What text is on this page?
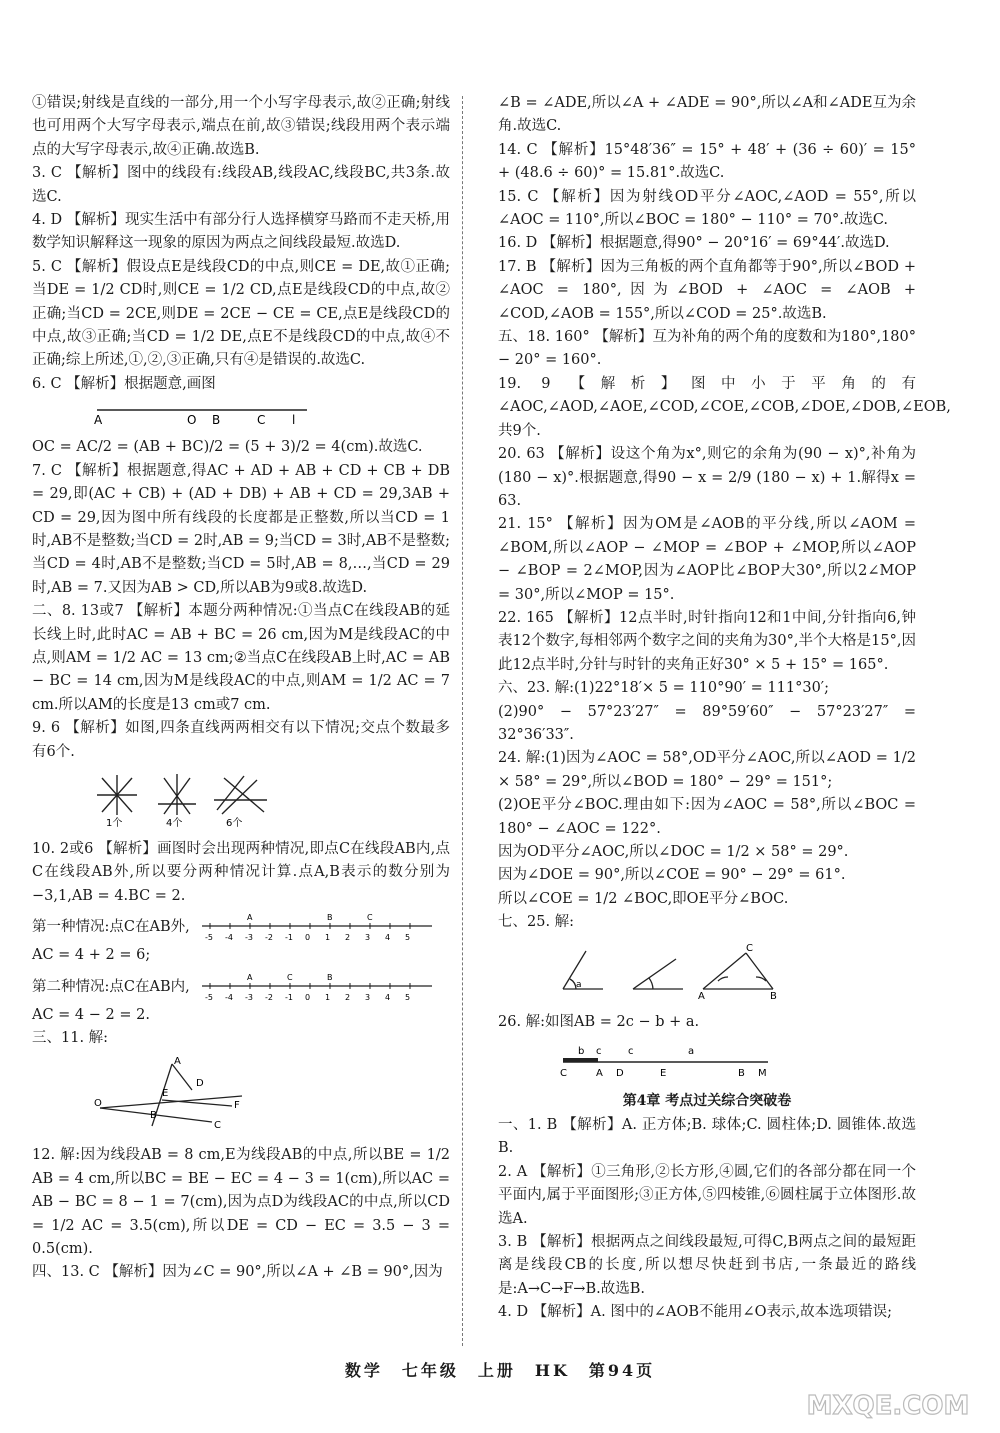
①错误;射线是直线的一部分,用一个小写字母表示,故②正确;射线也可用两个大写字母表示,端点在前,故③错误;线段用两个表示端点的大写字母表示,故④正确.故选B.

3. C 【解析】图中的线段有:线段AB,线段AC,线段BC,共3条.故选C.

4. D 【解析】现实生活中有部分行人选择横穿马路而不走天桥,用数学知识解释这一现象的原因为两点之间线段最短.故选D.

5. C 【解析】假设点E是线段CD的中点,则CE = DE,故①正确;当DE = 1/2 CD时,则CE = 1/2 CD,点E是线段CD的中点,故②正确;当CD = 2CE,则DE = 2CE − CE = CE,点E是线段CD的中点,故③正确;当CD = 1/2 DE,点E不是线段CD的中点,故④不正确;综上所述,①,②,③正确,只有④是错误的.故选C.

6. C 【解析】根据题意,画图

A	O B	C l

OC = AC/2 = (AB + BC)/2 = (5 + 3)/2 = 4(cm).故选C.

7. C 【解析】根据题意,得AC + AD + AB + CD + CB + DB = 29,即(AC + CB) + (AD + DB) + AB + CD = 29,3AB + CD = 29,因为图中所有线段的长度都是正整数,所以当CD = 1时,AB不是整数;当CD = 2时,AB = 9;当CD = 3时,AB不是整数;当CD = 4时,AB不是整数;当CD = 5时,AB = 8,…,当CD = 29时,AB = 7.又因为AB > CD,所以AB为9或8.故选D.

二、8. 13或7 【解析】本题分两种情况:①当点C在线段AB的延长线上时,此时AC = AB + BC = 26 cm,因为M是线段AC的中点,则AM = 1/2 AC = 13 cm;②当点C在线段AB上时,AC = AB − BC = 14 cm,因为M是线段AC的中点,则AM = 1/2 AC = 7 cm.所以AM的长度是13 cm或7 cm.

9. 6 【解析】如图,四条直线两两相交有以下情况;交点个数最多有6个.

1个	4个	6个

10. 2或6 【解析】画图时会出现两种情况,即点C在线段AB内,点C在线段AB外,所以要分两种情况计算.点A,B表示的数分别为 −3,1,AB = 4.BC = 2.

第一种情况:点C在AB外,
-5 -4 -3 -2 -1 0 1 2 3 4 5
A	B	C

AC = 4 + 2 = 6;

第二种情况:点C在AB内,
-5 -4 -3 -2 -1 0 1 2 3 4 5
A	C	B

AC = 4 − 2 = 2.

三、11. 解:

O
A
E
D
F
B
C

12. 解:因为线段AB = 8 cm,E为线段AB的中点,所以BE = 1/2 AB = 4 cm,所以BC = BE − EC = 4 − 3 = 1(cm),所以AC = AB − BC = 8 − 1 = 7(cm),因为点D为线段AC的中点,所以CD = 1/2 AC = 3.5(cm),所以DE = CD − EC = 3.5 − 3 = 0.5(cm).

四、13. C 【解析】因为∠C = 90°,所以∠A + ∠B = 90°,因为

∠B = ∠ADE,所以∠A + ∠ADE = 90°,所以∠A和∠ADE互为余角.故选C.

14. C 【解析】15°48′36″ = 15° + 48′ + (36 ÷ 60)′ = 15° + (48.6 ÷ 60)° = 15.81°.故选C.

15. C 【解析】因为射线OD平分∠AOC,∠AOD = 55°,所以∠AOC = 110°,所以∠BOC = 180° − 110° = 70°.故选C.

16. D 【解析】根据题意,得90° − 20°16′ = 69°44′.故选D.

17. B 【解析】因为三角板的两个直角都等于90°,所以∠BOD + ∠AOC = 180°,因为∠BOD + ∠AOC = ∠AOB + ∠COD,∠AOB = 155°,所以∠COD = 25°.故选B.

五、18. 160° 【解析】互为补角的两个角的度数和为180°,180° − 20° = 160°.

19. 9 【解析】图中小于平角的有∠AOC,∠AOD,∠AOE,∠COD,∠COE,∠COB,∠DOE,∠DOB,∠EOB,共9个.

20. 63 【解析】设这个角为x°,则它的余角为(90 − x)°,补角为(180 − x)°.根据题意,得90 − x = 2/9 (180 − x) + 1.解得x = 63.

21. 15° 【解析】因为OM是∠AOB的平分线,所以∠AOM = ∠BOM,所以∠AOP − ∠MOP = ∠BOP + ∠MOP,所以∠AOP − ∠BOP = 2∠MOP,因为∠AOP比∠BOP大30°,所以2∠MOP = 30°,所以∠MOP = 15°.

22. 165 【解析】12点半时,时针指向12和1中间,分针指向6,钟表12个数字,每相邻两个数字之间的夹角为30°,半个大格是15°,因此12点半时,分针与时针的夹角正好30° × 5 + 15° = 165°.

六、23. 解:(1)22°18′× 5 = 110°90′ = 111°30′;

(2)90° − 57°23′27″ = 89°59′60″ − 57°23′27″ = 32°36′33″.

24. 解:(1)因为∠AOC = 58°,OD平分∠AOC,所以∠AOD = 1/2 × 58° = 29°,所以∠BOD = 180° − 29° = 151°;

(2)OE平分∠BOC.理由如下:因为∠AOC = 58°,所以∠BOC = 180° − ∠AOC = 122°.

因为OD平分∠AOC,所以∠DOC = 1/2 × 58° = 29°.

因为∠DOE = 90°,所以∠COE = 90° − 29° = 61°.

所以∠COE = 1/2 ∠BOC,即OE平分∠BOC.

七、25. 解:

a
C
A	B

26. 解:如图AB = 2c − b + a.

b c	c	a
C	A D	E	B M
第4章 考点过关综合突破卷

一、1. B 【解析】A. 正方体;B. 球体;C. 圆柱体;D. 圆锥体.故选B.

2. A 【解析】①三角形,②长方形,④圆,它们的各部分都在同一个平面内,属于平面图形;③正方体,⑤四棱锥,⑥圆柱属于立体图形.故选A.

3. B 【解析】根据两点之间线段最短,可得C,B两点之间的最短距离是线段CB的长度,所以想尽快赶到书店,一条最近的路线是:A→C→F→B.故选B.

4. D 【解析】A. 图中的∠AOB不能用∠O表示,故本选项错误;

数学　七年级　上册　HK　第94页
MXQE.COM
